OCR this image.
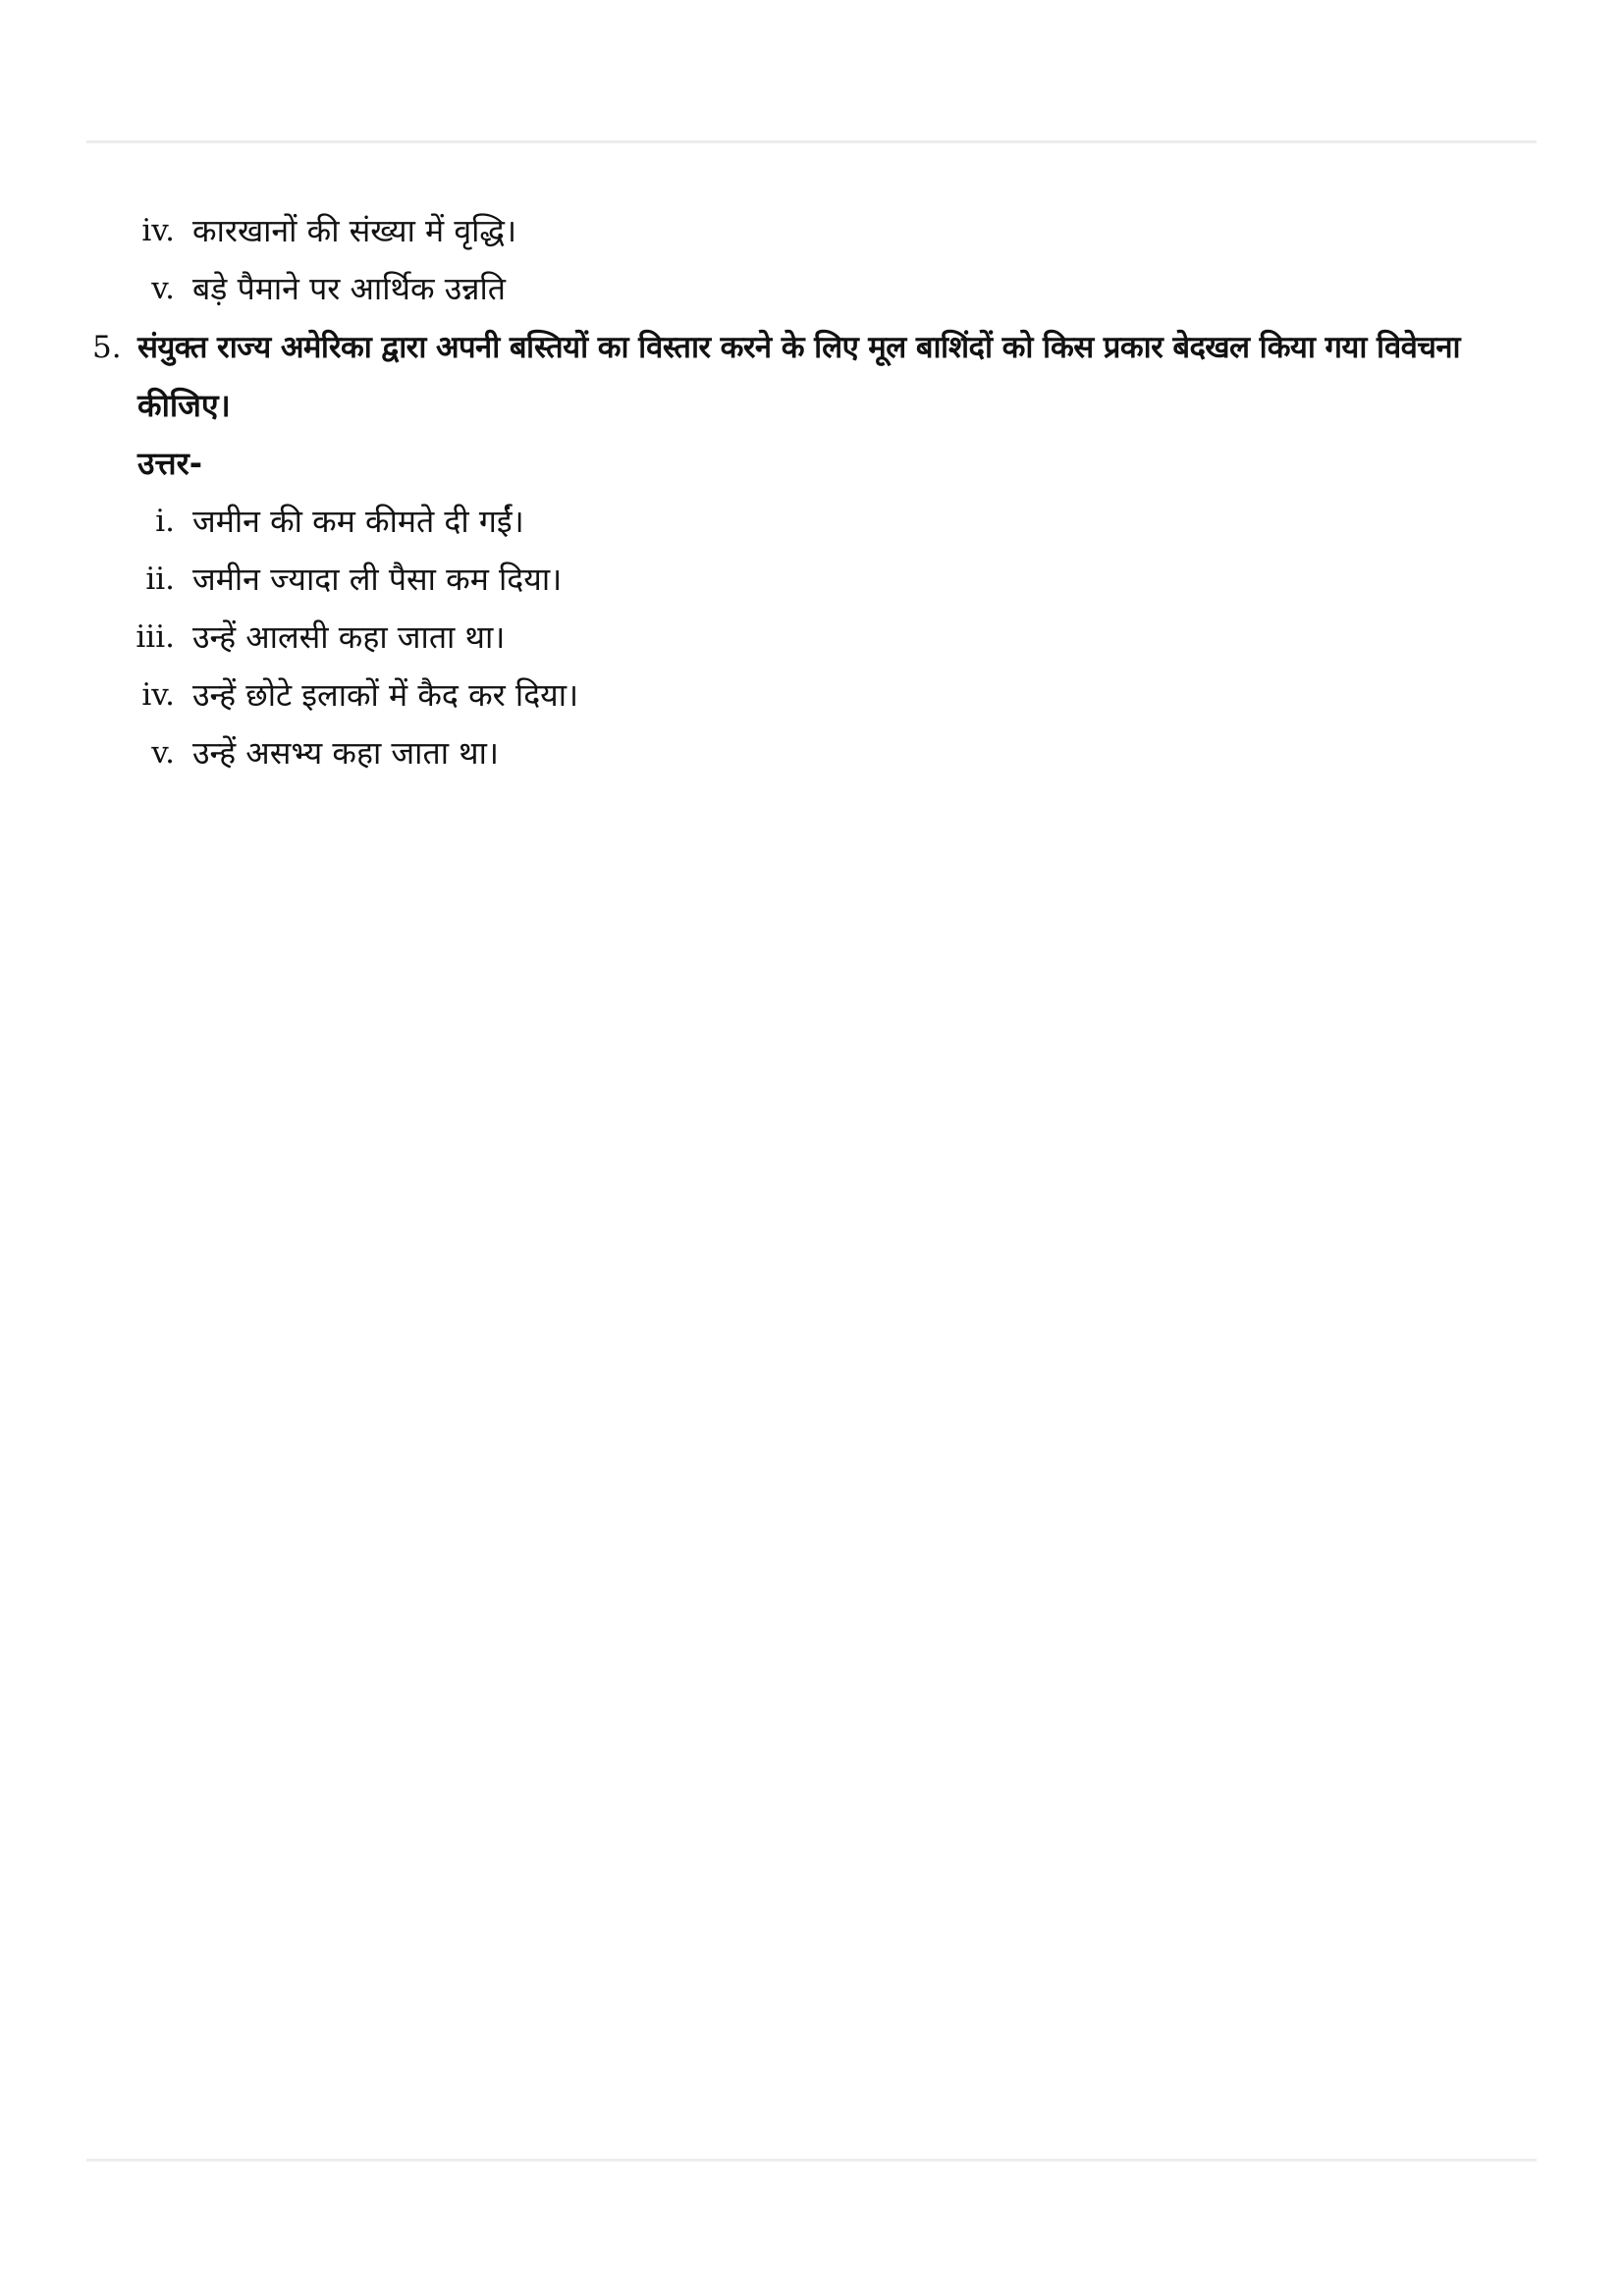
iv. कारखानों की संख्या में वृद्धि।
v. बड़े पैमाने पर आर्थिक उन्नति
5. संयुक्त राज्य अमेरिका द्वारा अपनी बस्तियों का विस्तार करने के लिए मूल बाशिंदों को किस प्रकार बेदखल किया गया विवेचना
कीजिए।
उत्तर-
i. जमीन की कम कीमते दी गईं।
ii. जमीन ज्यादा ली पैसा कम दिया।
iii. उन्हें आलसी कहा जाता था।
iv. उन्हें छोटे इलाकों में कैद कर दिया।
v. उन्हें असभ्य कहा जाता था।
